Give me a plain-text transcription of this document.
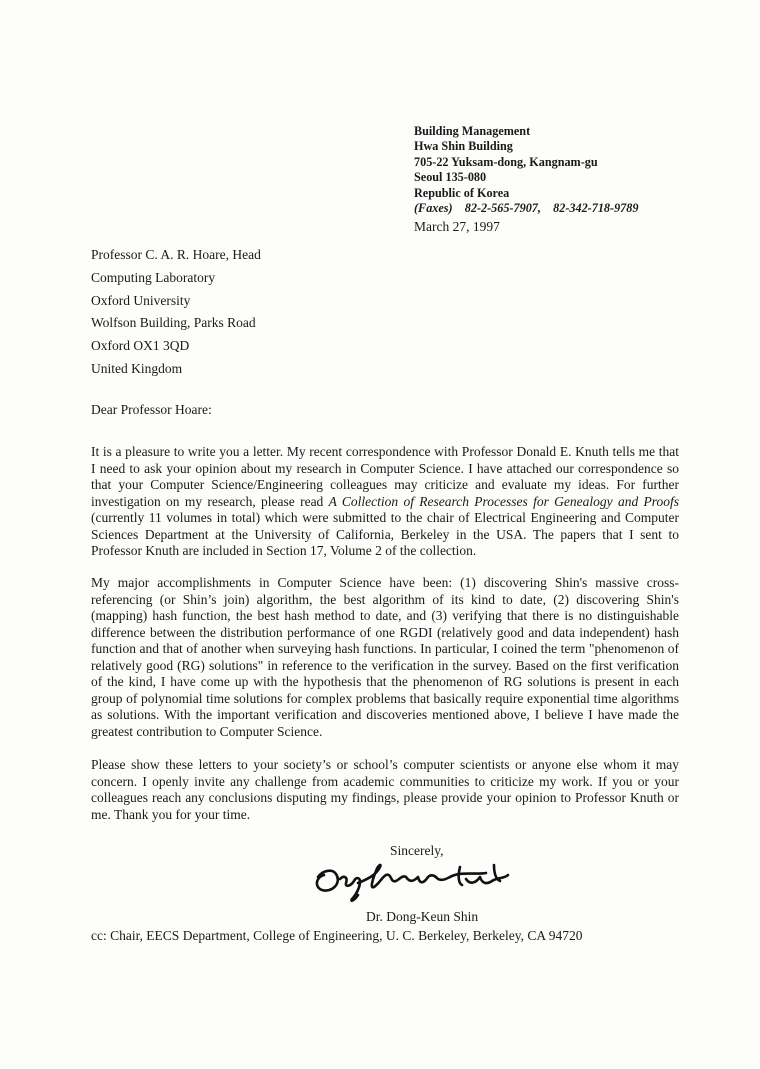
Building Management
Hwa Shin Building
705-22 Yuksam-dong, Kangnam-gu
Seoul 135-080
Republic of Korea
(Faxes) 82-2-565-7907, 82-342-718-9789
March 27, 1997
Professor C. A. R. Hoare, Head
Computing Laboratory
Oxford University
Wolfson Building, Parks Road
Oxford OX1 3QD
United Kingdom
Dear Professor Hoare:

It is a pleasure to write you a letter. My recent correspondence with Professor Donald E. Knuth tells me that I need to ask your opinion about my research in Computer Science. I have attached our correspondence so that your Computer Science/Engineering colleagues may criticize and evaluate my ideas. For further investigation on my research, please read A Collection of Research Processes for Genealogy and Proofs (currently 11 volumes in total) which were submitted to the chair of Electrical Engineering and Computer Sciences Department at the University of California, Berkeley in the USA. The papers that I sent to Professor Knuth are included in Section 17, Volume 2 of the collection.

My major accomplishments in Computer Science have been: (1) discovering Shin's massive cross-referencing (or Shin’s join) algorithm, the best algorithm of its kind to date, (2) discovering Shin's (mapping) hash function, the best hash method to date, and (3) verifying that there is no distinguishable difference between the distribution performance of one RGDI (relatively good and data independent) hash function and that of another when surveying hash functions. In particular, I coined the term "phenomenon of relatively good (RG) solutions" in reference to the verification in the survey. Based on the first verification of the kind, I have come up with the hypothesis that the phenomenon of RG solutions is present in each group of polynomial time solutions for complex problems that basically require exponential time algorithms as solutions. With the important verification and discoveries mentioned above, I believe I have made the greatest contribution to Computer Science.

Please show these letters to your society’s or school’s computer scientists or anyone else whom it may concern. I openly invite any challenge from academic communities to criticize my work. If you or your colleagues reach any conclusions disputing my findings, please provide your opinion to Professor Knuth or me. Thank you for your time.

Sincerely,
Dr. Dong-Keun Shin
cc: Chair, EECS Department, College of Engineering, U. C. Berkeley, Berkeley, CA 94720
